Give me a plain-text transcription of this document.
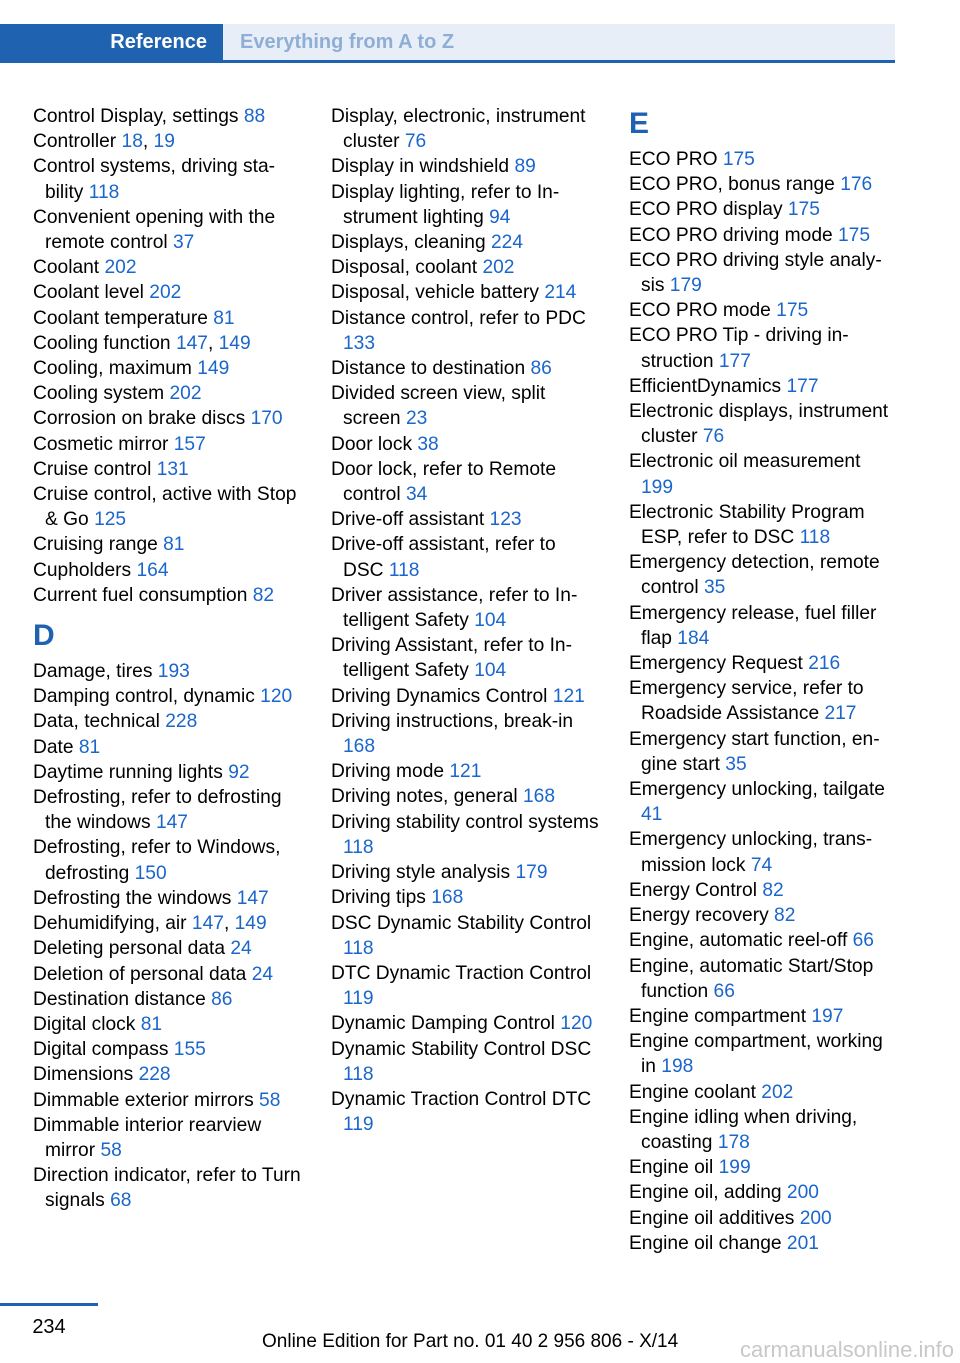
Reference	Everything from A to Z
Control Display, settings 88
Controller 18, 19
Control systems, driving stability 118
Convenient opening with the remote control 37
Coolant 202
Coolant level 202
Coolant temperature 81
Cooling function 147, 149
Cooling, maximum 149
Cooling system 202
Corrosion on brake discs 170
Cosmetic mirror 157
Cruise control 131
Cruise control, active with Stop & Go 125
Cruising range 81
Cupholders 164
Current fuel consumption 82
D
Damage, tires 193
Damping control, dynamic 120
Data, technical 228
Date 81
Daytime running lights 92
Defrosting, refer to defrosting the windows 147
Defrosting, refer to Windows, defrosting 150
Defrosting the windows 147
Dehumidifying, air 147, 149
Deleting personal data 24
Deletion of personal data 24
Destination distance 86
Digital clock 81
Digital compass 155
Dimensions 228
Dimmable exterior mirrors 58
Dimmable interior rearview mirror 58
Direction indicator, refer to Turn signals 68
Display, electronic, instrument cluster 76
Display in windshield 89
Display lighting, refer to Instrument lighting 94
Displays, cleaning 224
Disposal, coolant 202
Disposal, vehicle battery 214
Distance control, refer to PDC 133
Distance to destination 86
Divided screen view, split screen 23
Door lock 38
Door lock, refer to Remote control 34
Drive-off assistant 123
Drive-off assistant, refer to DSC 118
Driver assistance, refer to Intelligent Safety 104
Driving Assistant, refer to Intelligent Safety 104
Driving Dynamics Control 121
Driving instructions, break-in 168
Driving mode 121
Driving notes, general 168
Driving stability control systems 118
Driving style analysis 179
Driving tips 168
DSC Dynamic Stability Control 118
DTC Dynamic Traction Control 119
Dynamic Damping Control 120
Dynamic Stability Control DSC 118
Dynamic Traction Control DTC 119
E
ECO PRO 175
ECO PRO, bonus range 176
ECO PRO display 175
ECO PRO driving mode 175
ECO PRO driving style analysis 179
ECO PRO mode 175
ECO PRO Tip - driving instruction 177
EfficientDynamics 177
Electronic displays, instrument cluster 76
Electronic oil measurement 199
Electronic Stability Program ESP, refer to DSC 118
Emergency detection, remote control 35
Emergency release, fuel filler flap 184
Emergency Request 216
Emergency service, refer to Roadside Assistance 217
Emergency start function, engine start 35
Emergency unlocking, tailgate 41
Emergency unlocking, transmission lock 74
Energy Control 82
Energy recovery 82
Engine, automatic reel-off 66
Engine, automatic Start/Stop function 66
Engine compartment 197
Engine compartment, working in 198
Engine coolant 202
Engine idling when driving, coasting 178
Engine oil 199
Engine oil, adding 200
Engine oil additives 200
Engine oil change 201
234
Online Edition for Part no. 01 40 2 956 806 - X/14	carmanualsonline.info
